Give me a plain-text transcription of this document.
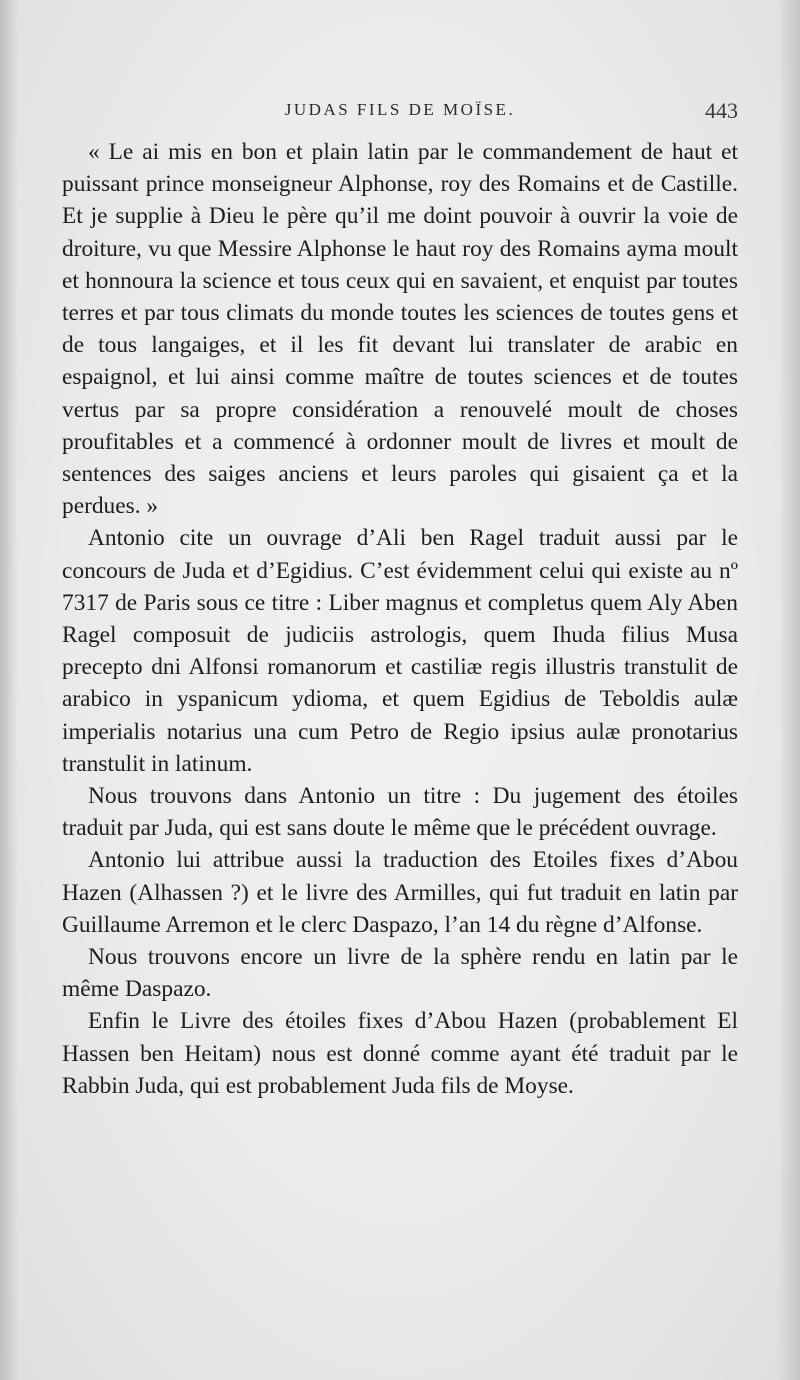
JUDAS FILS DE MOÏSE.	443

« Le ai mis en bon et plain latin par le commandement de haut et puissant prince monseigneur Alphonse, roy des Romains et de Castille. Et je supplie à Dieu le père qu’il me doint pouvoir à ouvrir la voie de droiture, vu que Messire Alphonse le haut roy des Romains ayma moult et honnoura la science et tous ceux qui en savaient, et enquist par toutes terres et par tous climats du monde toutes les sciences de toutes gens et de tous langaiges, et il les fit devant lui translater de arabic en espaignol, et lui ainsi comme maître de toutes sciences et de toutes vertus par sa propre considération a renouvelé moult de choses proufitables et a commencé à ordonner moult de livres et moult de sentences des saiges anciens et leurs paroles qui gisaient ça et la perdues. »

Antonio cite un ouvrage d’Ali ben Ragel traduit aussi par le concours de Juda et d’Egidius. C’est évidemment celui qui existe au nº 7317 de Paris sous ce titre : Liber magnus et completus quem Aly Aben Ragel composuit de judiciis astrologis, quem Ihuda filius Musa precepto dni Alfonsi romanorum et castiliæ regis illustris transtulit de arabico in yspanicum ydioma, et quem Egidius de Teboldis aulæ imperialis notarius una cum Petro de Regio ipsius aulæ pronotarius transtulit in latinum.

Nous trouvons dans Antonio un titre : Du jugement des étoiles traduit par Juda, qui est sans doute le même que le précédent ouvrage.

Antonio lui attribue aussi la traduction des Etoiles fixes d’Abou Hazen (Alhassen ?) et le livre des Armilles, qui fut traduit en latin par Guillaume Arremon et le clerc Daspazo, l’an 14 du règne d’Alfonse.

Nous trouvons encore un livre de la sphère rendu en latin par le même Daspazo.

Enfin le Livre des étoiles fixes d’Abou Hazen (probablement El Hassen ben Heitam) nous est donné comme ayant été traduit par le Rabbin Juda, qui est probablement Juda fils de Moyse.
